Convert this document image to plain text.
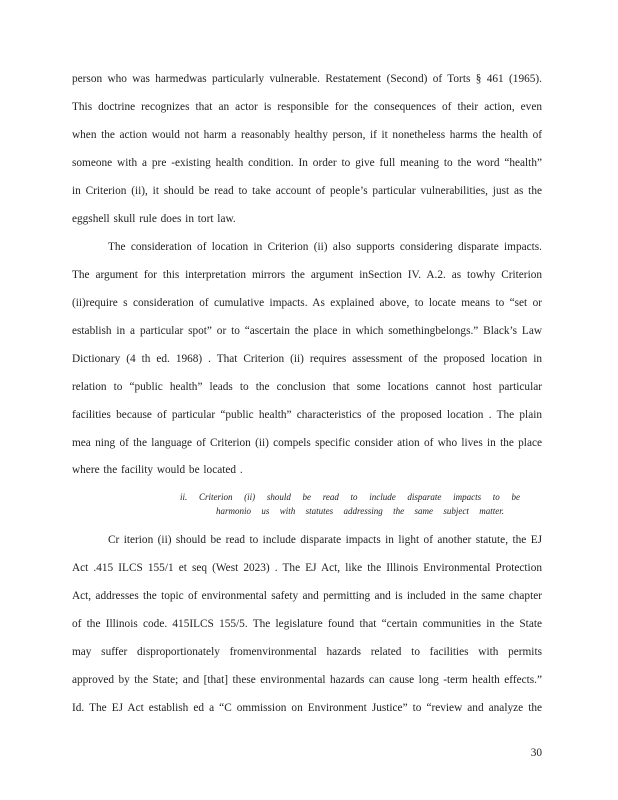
person who was harmedwas particularly vulnerable. Restatement (Second) of Torts § 461 (1965).
This doctrine recognizes that an actor is responsible for the consequences of their action, even
when the action would not harm a reasonably healthy person, if it nonetheless harms the health of
someone with a pre -existing health condition. In order to give full meaning to the word “health”
in Criterion (ii), it should be read to take account of people’s particular vulnerabilities, just as the
eggshell skull rule does in tort law.
The consideration of location in Criterion (ii) also supports considering disparate impacts.
The argument for this interpretation mirrors the argument inSection IV. A.2. as towhy Criterion
(ii)require s consideration of cumulative impacts. As explained above, to locate means to “set or
establish in a particular spot” or to “ascertain the place in which somethingbelongs.” Black’s Law
Dictionary (4 th ed. 1968) . That Criterion (ii) requires assessment of the proposed location in
relation to “public health” leads to the conclusion that some locations cannot host particular
facilities because of particular “public health” characteristics of the proposed location . The plain
mea ning of the language of Criterion (ii) compels specific consider ation of who lives in the place
where the facility would be located .
ii. Criterion (ii) should be read to include disparate impacts to be
harmonio us with statutes addressing the same subject matter.
Cr iterion (ii) should be read to include disparate impacts in light of another statute, the EJ
Act .415 ILCS 155/1 et seq (West 2023) . The EJ Act, like the Illinois Environmental Protection
Act, addresses the topic of environmental safety and permitting and is included in the same chapter
of the Illinois code. 415ILCS 155/5. The legislature found that “certain communities in the State
may suffer disproportionately fromenvironmental hazards related to facilities with permits
approved by the State; and [that] these environmental hazards can cause long -term health effects.”
Id. The EJ Act establish ed a “C ommission on Environment Justice” to “review and analyze the
30
